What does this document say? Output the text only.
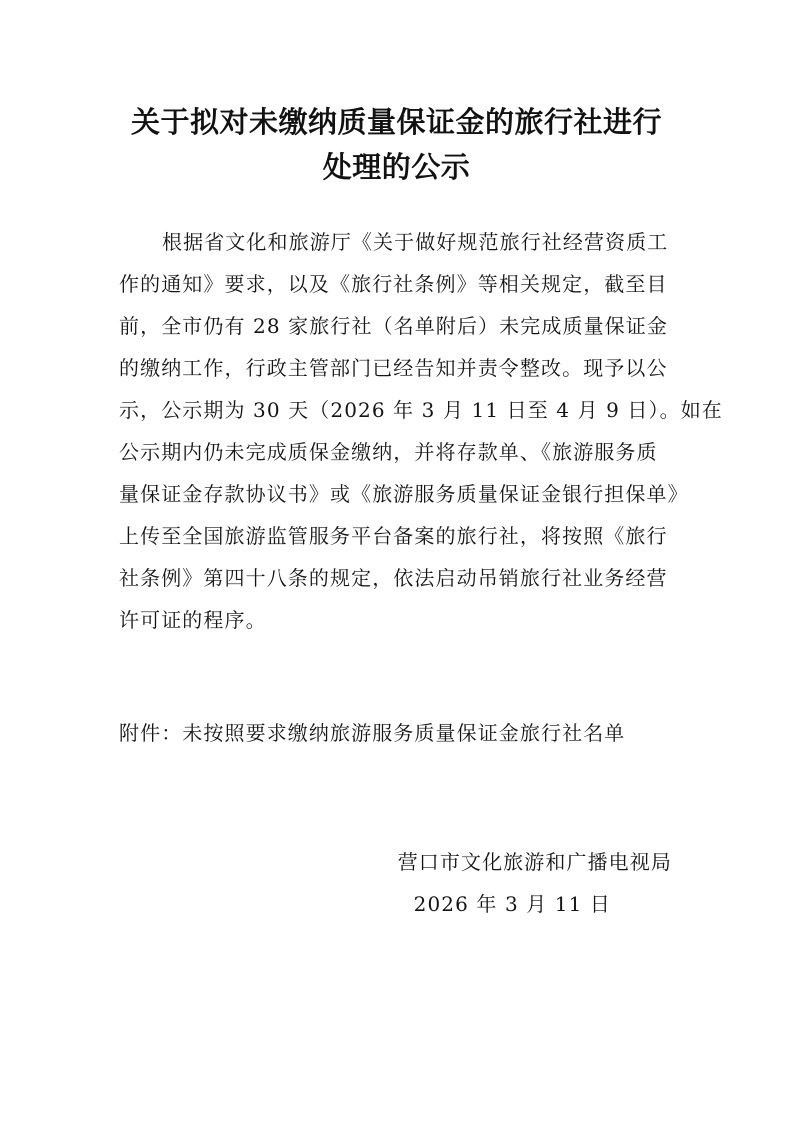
关于拟对未缴纳质量保证金的旅行社进行
处理的公示
根据省文化和旅游厅《关于做好规范旅行社经营资质工
作的通知》要求，以及《旅行社条例》等相关规定，截至目
前，全市仍有 28 家旅行社（名单附后）未完成质量保证金
的缴纳工作，行政主管部门已经告知并责令整改。现予以公
示，公示期为 30 天（2026 年 3 月 11 日至 4 月 9 日）。如在
公示期内仍未完成质保金缴纳，并将存款单、《旅游服务质
量保证金存款协议书》或《旅游服务质量保证金银行担保单》
上传至全国旅游监管服务平台备案的旅行社，将按照《旅行
社条例》第四十八条的规定，依法启动吊销旅行社业务经营
许可证的程序。
附件：未按照要求缴纳旅游服务质量保证金旅行社名单
营口市文化旅游和广播电视局
2026 年 3 月 11 日
